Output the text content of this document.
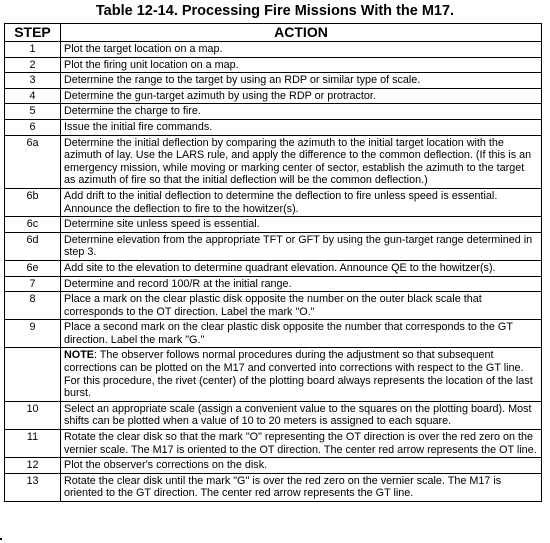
Table 12-14. Processing Fire Missions With the M17.
STEP	ACTION
1	Plot the target location on a map.
2	Plot the firing unit location on a map.
3	Determine the range to the target by using an RDP or similar type of scale.
4	Determine the gun-target azimuth by using the RDP or protractor.
5	Determine the charge to fire.
6	Issue the initial fire commands.
6a	Determine the initial deflection by comparing the azimuth to the initial target location with the azimuth of lay. Use the LARS rule, and apply the difference to the common deflection. (If this is an emergency mission, while moving or marking center of sector, establish the azimuth to the target as azimuth of fire so that the initial deflection will be the common deflection.)
6b	Add drift to the initial deflection to determine the deflection to fire unless speed is essential. Announce the deflection to fire to the howitzer(s).
6c	Determine site unless speed is essential.
6d	Determine elevation from the appropriate TFT or GFT by using the gun-target range determined in step 3.
6e	Add site to the elevation to determine quadrant elevation. Announce QE to the howitzer(s).
7	Determine and record 100/R at the initial range.
8	Place a mark on the clear plastic disk opposite the number on the outer black scale that corresponds to the OT direction. Label the mark "O."
9	Place a second mark on the clear plastic disk opposite the number that corresponds to the GT direction. Label the mark "G."
	NOTE: The observer follows normal procedures during the adjustment so that subsequent corrections can be plotted on the M17 and converted into corrections with respect to the GT line. For this procedure, the rivet (center) of the plotting board always represents the location of the last burst.
10	Select an appropriate scale (assign a convenient value to the squares on the plotting board). Most shifts can be plotted when a value of 10 to 20 meters is assigned to each square.
11	Rotate the clear disk so that the mark "O" representing the OT direction is over the red zero on the vernier scale. The M17 is oriented to the OT direction. The center red arrow represents the OT line.
12	Plot the observer's corrections on the disk.
13	Rotate the clear disk until the mark "G" is over the red zero on the vernier scale. The M17 is oriented to the GT direction. The center red arrow represents the GT line.
